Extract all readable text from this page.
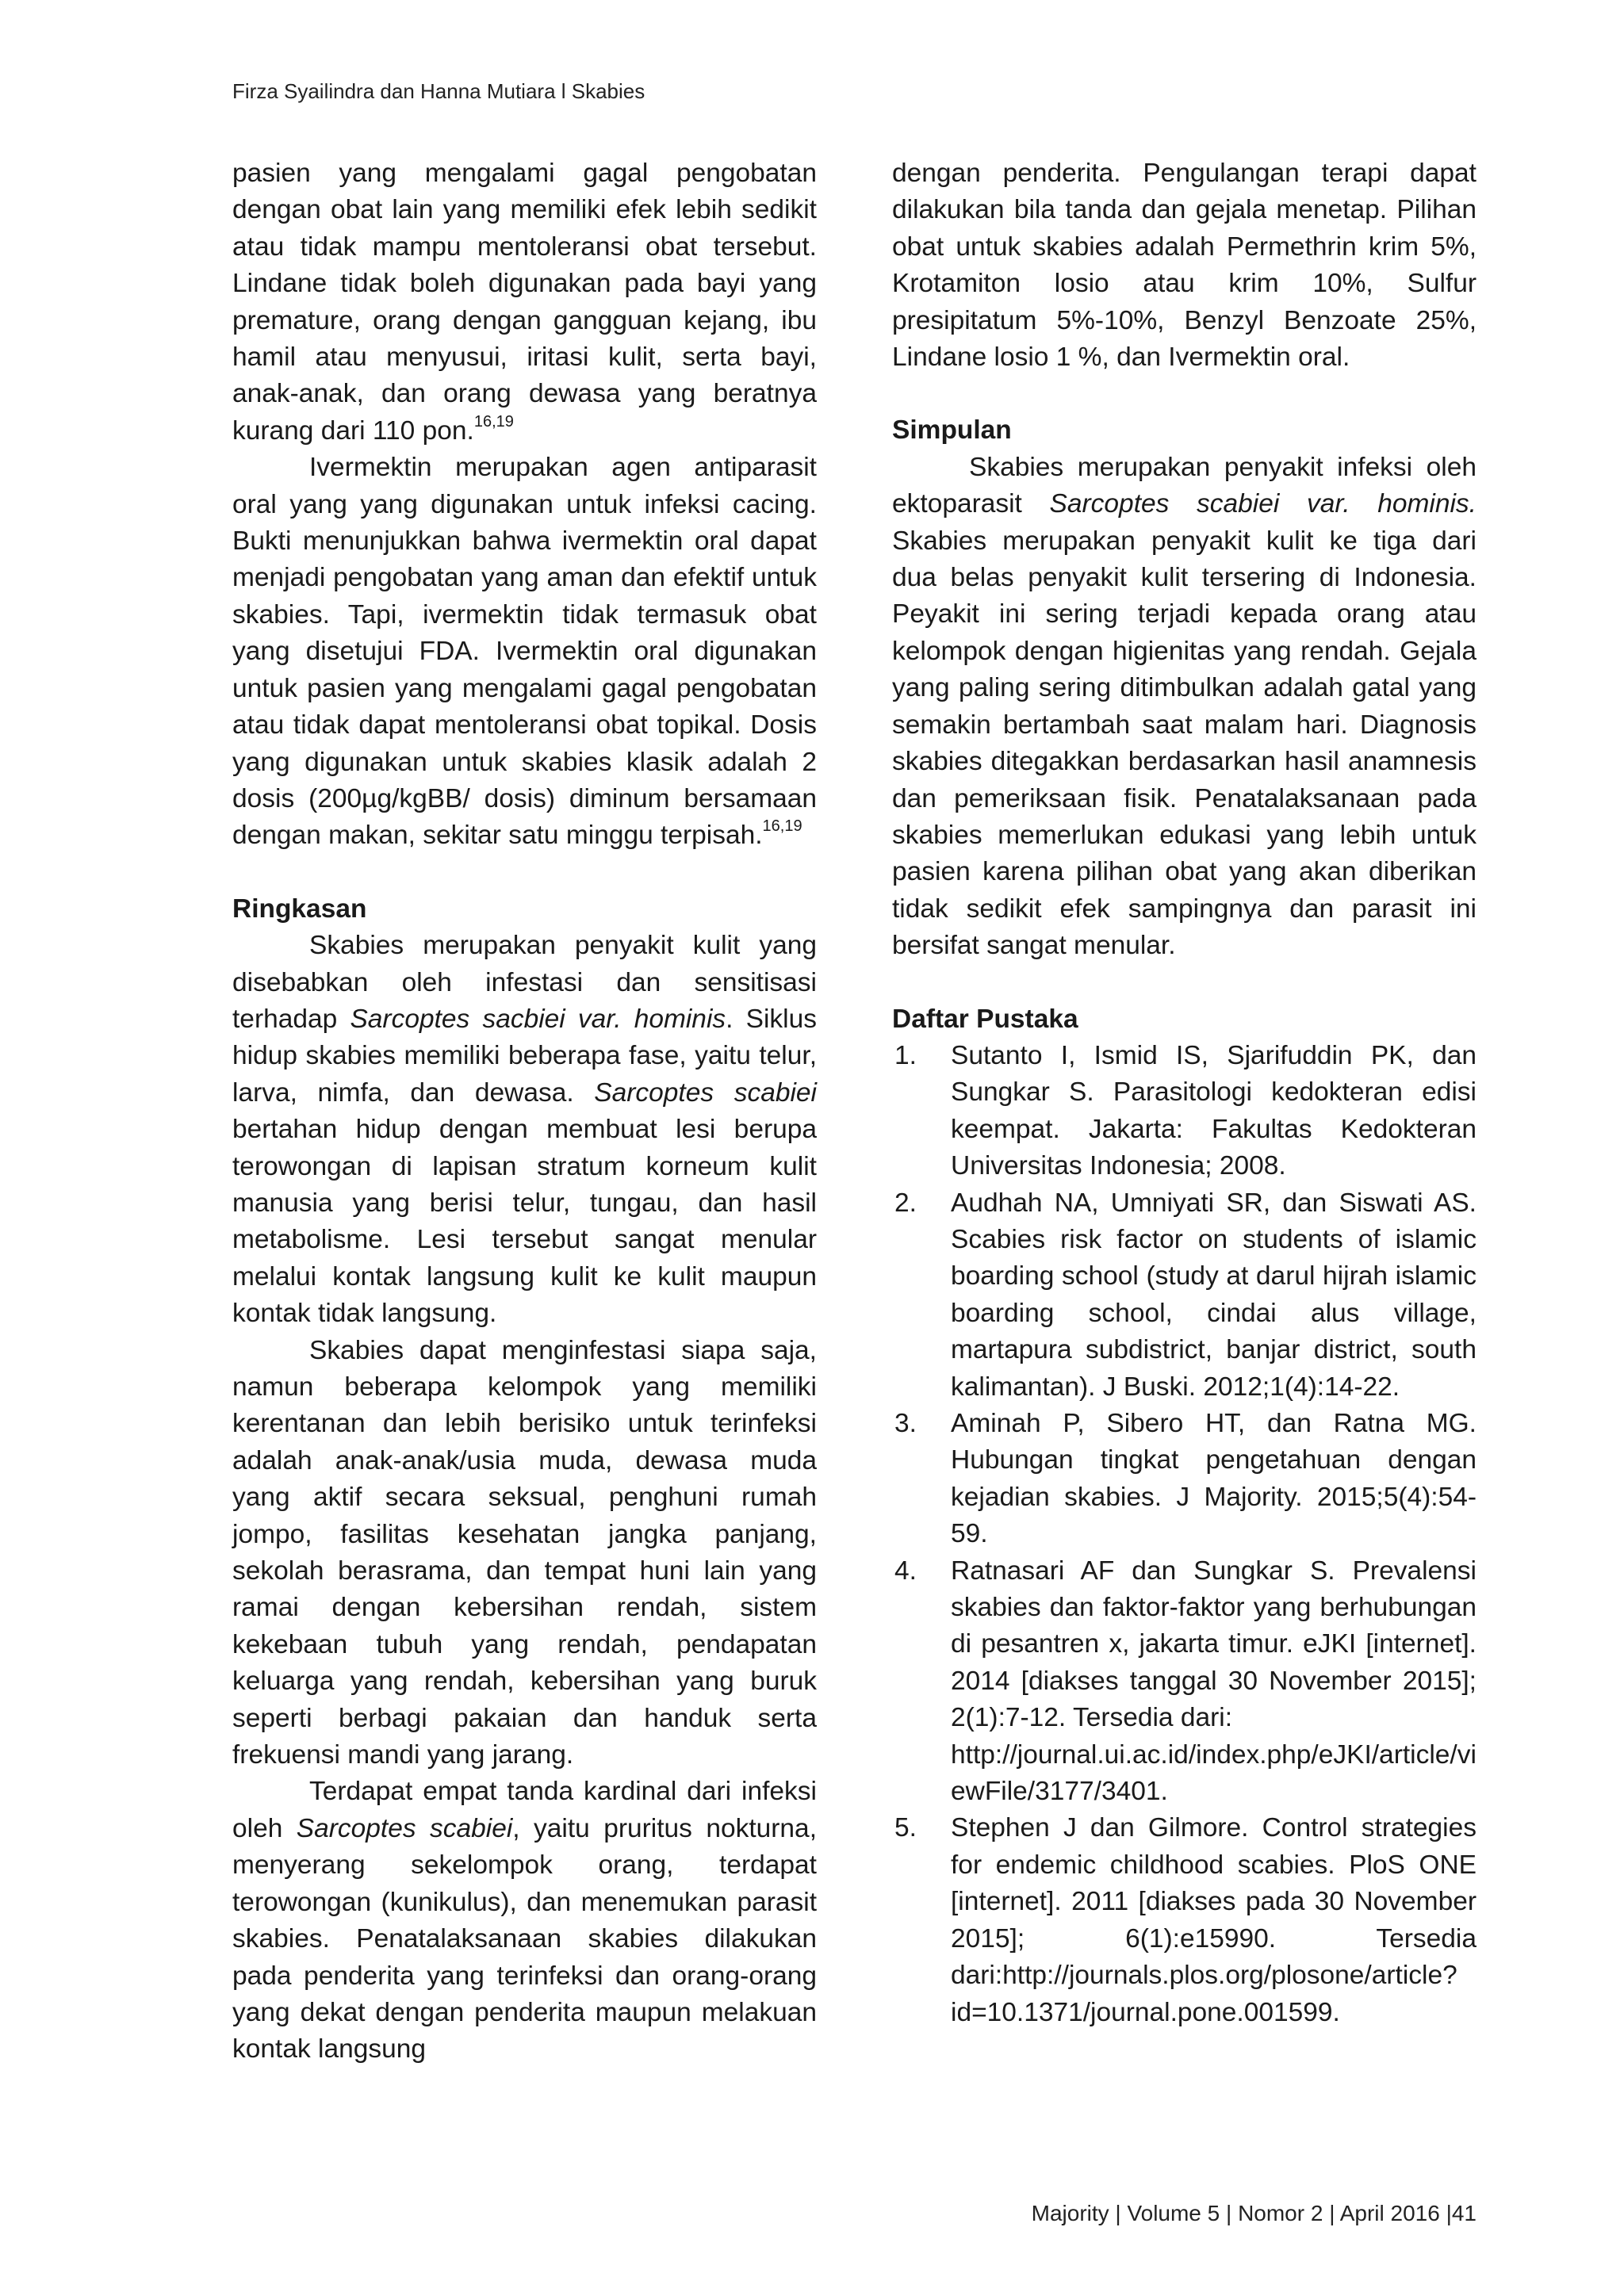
Firza Syailindra dan Hanna Mutiara l Skabies

pasien yang mengalami gagal pengobatan dengan obat lain yang memiliki efek lebih sedikit atau tidak mampu mentoleransi obat tersebut. Lindane tidak boleh digunakan pada bayi yang premature, orang dengan gangguan kejang, ibu hamil atau menyusui, iritasi kulit, serta bayi, anak-anak, dan orang dewasa yang beratnya kurang dari 110 pon.$^{16,19}$

Ivermektin merupakan agen antiparasit oral yang yang digunakan untuk infeksi cacing. Bukti menunjukkan bahwa ivermektin oral dapat menjadi pengobatan yang aman dan efektif untuk skabies. Tapi, ivermektin tidak termasuk obat yang disetujui FDA. Ivermektin oral digunakan untuk pasien yang mengalami gagal pengobatan atau tidak dapat mentoleransi obat topikal. Dosis yang digunakan untuk skabies klasik adalah 2 dosis (200µg/kgBB/ dosis) diminum bersamaan dengan makan, sekitar satu minggu terpisah.$^{16,19}$

Ringkasan

Skabies merupakan penyakit kulit yang disebabkan oleh infestasi dan sensitisasi terhadap Sarcoptes sacbiei var. hominis. Siklus hidup skabies memiliki beberapa fase, yaitu telur, larva, nimfa, dan dewasa. Sarcoptes scabiei bertahan hidup dengan membuat lesi berupa terowongan di lapisan stratum korneum kulit manusia yang berisi telur, tungau, dan hasil metabolisme. Lesi tersebut sangat menular melalui kontak langsung kulit ke kulit maupun kontak tidak langsung.

Skabies dapat menginfestasi siapa saja, namun beberapa kelompok yang memiliki kerentanan dan lebih berisiko untuk terinfeksi adalah anak-anak/usia muda, dewasa muda yang aktif secara seksual, penghuni rumah jompo, fasilitas kesehatan jangka panjang, sekolah berasrama, dan tempat huni lain yang ramai dengan kebersihan rendah, sistem kekebaan tubuh yang rendah, pendapatan keluarga yang rendah, kebersihan yang buruk seperti berbagi pakaian dan handuk serta frekuensi mandi yang jarang.

Terdapat empat tanda kardinal dari infeksi oleh Sarcoptes scabiei, yaitu pruritus nokturna, menyerang sekelompok orang, terdapat terowongan (kunikulus), dan menemukan parasit skabies. Penatalaksanaan skabies dilakukan pada penderita yang terinfeksi dan orang-orang yang dekat dengan penderita maupun melakuan kontak langsung

dengan penderita. Pengulangan terapi dapat dilakukan bila tanda dan gejala menetap. Pilihan obat untuk skabies adalah Permethrin krim 5%, Krotamiton losio atau krim 10%, Sulfur presipitatum 5%-10%, Benzyl Benzoate 25%, Lindane losio 1 %, dan Ivermektin oral.

Simpulan

Skabies merupakan penyakit infeksi oleh ektoparasit Sarcoptes scabiei var. hominis. Skabies merupakan penyakit kulit ke tiga dari dua belas penyakit kulit tersering di Indonesia. Peyakit ini sering terjadi kepada orang atau kelompok dengan higienitas yang rendah. Gejala yang paling sering ditimbulkan adalah gatal yang semakin bertambah saat malam hari. Diagnosis skabies ditegakkan berdasarkan hasil anamnesis dan pemeriksaan fisik. Penatalaksanaan pada skabies memerlukan edukasi yang lebih untuk pasien karena pilihan obat yang akan diberikan tidak sedikit efek sampingnya dan parasit ini bersifat sangat menular.

Daftar Pustaka

1. Sutanto I, Ismid IS, Sjarifuddin PK, dan Sungkar S. Parasitologi kedokteran edisi keempat. Jakarta: Fakultas Kedokteran Universitas Indonesia; 2008.
2. Audhah NA, Umniyati SR, dan Siswati AS. Scabies risk factor on students of islamic boarding school (study at darul hijrah islamic boarding school, cindai alus village, martapura subdistrict, banjar district, south kalimantan). J Buski. 2012;1(4):14-22.
3. Aminah P, Sibero HT, dan Ratna MG. Hubungan tingkat pengetahuan dengan kejadian skabies. J Majority. 2015;5(4):54-59.
4. Ratnasari AF dan Sungkar S. Prevalensi skabies dan faktor-faktor yang berhubungan di pesantren x, jakarta timur. eJKI [internet]. 2014 [diakses tanggal 30 November 2015]; 2(1):7-12. Tersedia dari:
http://journal.ui.ac.id/index.php/eJKI/article/viewFile/3177/3401.
5. Stephen J dan Gilmore. Control strategies for endemic childhood scabies. PloS ONE [internet]. 2011 [diakses pada 30 November 2015]; 6(1):e15990. Tersedia dari:http://journals.plos.org/plosone/article?id=10.1371/journal.pone.001599.
Majority | Volume 5 | Nomor 2 | April 2016 |41
